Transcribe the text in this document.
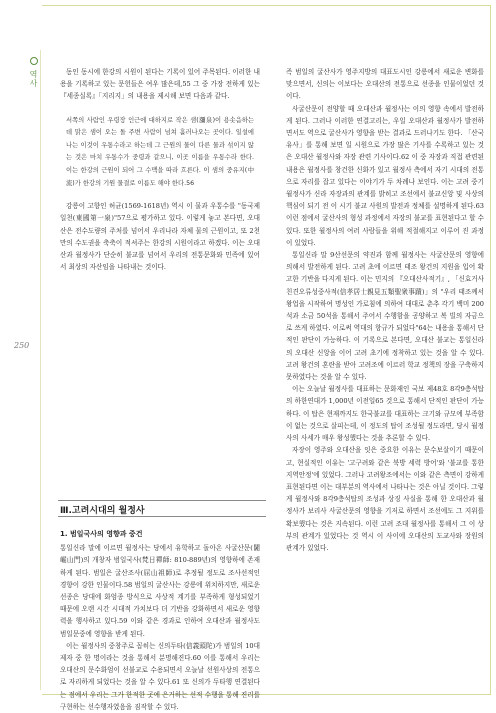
역사
250

동인 동시에 한강의 시원이 된다는 기록이 있어 주목된다. 이러한 내용을 기록하고 있는 문헌들은 여우 많은데,55 그 중 가장 전하게 있는 『세종실록』「지리지」의 내용을 제시해 보면 다음과 같다.

서쪽의 사람인 우령장 인근에 대하지로 작은 샘(瀰泉)이 용솟음하는데 맑은 샘이 오는 돌 주변 사람이 넘쳐 흘러나오는 곳이다. 일설에 나는 이것이 우통수라고 하는데 그 근원의 물이 다른 물과 섞이지 않는 것은 마치 우통수가 중령과 같으니, 이곳 이름을 우통수라 한다. 이는 한강의 근원이 되어 그 수맥을 따라 흐른다. 이 샘의 중유지(中流)가 한강의 기원 물결로 이름도 해야 한다.56

강릉이 고향인 허균(1569-1618년) 역시 이 물과 우통수를 "동국제일천(東國第一泉)"57으로 평가하고 있다. 이렇게 놓고 본다면, 오대산은 전수도량의 주처를 넘어서 우리나라 자체 물의 근원이고, 또 2천만의 수도권을 축축이 적셔주는 한강의 시원이라고 하겠다. 이는 오대산과 월정사가 단순히 불교를 넘어서 우리의 전통문화와 민족에 있어서 최상의 자산임을 나타내는 것이다.

Ⅲ.고려시대의 월정사
1. 범일국사의 영향과 중건

통일신라 말에 이르면 월정사는 당에서 유학하고 돌아온 사굴산문(闍崛山門)의 개창자 범일국사(梵日禪師: 810-889년)의 영향하에 존재하게 된다. 범일은 굴산조사(屈山祖師)로 추정될 정도로 조사선적인 경향이 강한 인물이다.58 범일의 굴산사는 강릉에 위치하지만, 새로운 선종은 당대에 화엄종 방식으로 사상적 계기를 부족하게 형성되었기 때문에 오랜 시간 시대적 가치보다 더 기반을 강화하면서 새로운 영향력을 행사하고 있다.59 이와 같은 경과로 인하여 오대산과 월정사도 범일문중에 영향을 받게 된다.

이는 월정사의 중창주로 꼽히는 신의두타(信義頭陀)가 범일의 10대제자 중 한 명이라는 것을 통해서 분명해진다.60 이를 통해서 우리는 오대산의 문수화엄이 선불교로 수용되면서 오늘날 선원사상의 전통으로 자리하게 되었다는 것을 알 수 있다.61 또 신의가 두타행 연결된다는 점에서 우리는 그가 한적한 곳에 은거하는 선적 수행을 통해 진리를 구현하는 선수행자였음을 짐작할 수 있다.

즉 범일의 굴산사가 영주지방의 대표도시인 강릉에서 새로운 변화를 맞으면서, 신의는 이보다는 오대산의 전통으로 선종을 인물이었던 것이다.

사굴산문이 전양할 때 오대산과 월정사는 이의 영향 속에서 발전하게 된다. 그러나 이러한 연결고리는, 우일 오대산과 월정사가 발전하면서도 역으로 굴산사가 영향을 받는 결과로 드러나기도 한다. 「산국유사」를 통해 보면 일 시원으로 가장 많은 기사를 수록하고 있는 것은 오대산 월정사와 자장 관련 기사이다.62 이 중 자장과 직접 관련된 내용은 월정사를 창건한 신화가 있고 월정사 측에서 자기 시대의 전통으로 자리를 잡고 있다는 이야기가 두 차례나 보인다. 이는 고려 중기 월정사가 신라 자장과의 관계를 밝히고 조선에서 불교신앙 및 사상의 핵심이 되기 전 이 시기 불교 사원의 발전과 정체를 설명하게 된다.63 이런 점에서 굴산사의 형성 과정에서 자장의 불교를 표현된다고 할 수 있다. 또한 월정사의 여러 사람들을 위해 적절해지고 이루어 진 과정이 있었다.

통일신라 말 9산선문의 약진과 함께 월정사는 사굴산문의 영향에 의해서 발전하게 된다. 고려 초에 이르면 태조 왕건의 지원을 입어 확고한 기반을 다지게 된다. 이는 민지의 『오대산사적기』, 「신효거사친견오류성중사적(信孝居士親見五類聖衆事蹟)」의 "우리 태조께서 왕업을 시작하여 명성인 가로침에 의하여 대대로 춘추 각기 백미 200석과 소금 50석을 통해서 주어서 수행함을 공양하고 복 빌의 자금으로 쓰게 하였다. 이로써 역대의 항규가 되었다"64는 내용을 통해서 단적인 판단이 가능하다. 이 기록으로 본다면, 오대산 불교는 통일신라의 오대산 신앙을 이어 고려 초기에 정착하고 있는 것을 알 수 있다. 고려 왕건의 혼란을 받아 고려조에 이르러 학교 정책의 장을 구축하지 못하였다는 것을 알 수 있다.

이는 오늘날 월정사를 대표하는 문화재인 국보 제48호 8각9층석탑의 하한연대가 1,000년 이전일65 것으로 통해서 단적인 판단이 가능하다. 이 탑은 현재까지도 한국불교를 대표하는 크기와 규모에 부족함이 없는 것으로 살피는데, 이 정도의 탑이 조성될 정도라면, 당시 월정사의 사세가 매우 왕성했다는 것을 추론할 수 있다.

자장이 영주와 오대산을 잇은 중요한 이유는 문수보살이기 때문이고, 현실적인 이유는 '고구려와 같은 북방 세력 방어'와 '불교를 통한 지역안정'에 있었다. 그러나 고려왕조에서는 이와 같은 측면이 강하게 표현된다면 이는 대부분의 역사에서 나타나는 것은 아닐 것이다. 그렇게 월정사와 8각9층석탑의 조성과 상징 사실을 통해 한 오대산과 월정사가 보리사 사굴산문의 영향을 기저로 하면서 조선에도 그 지위를 확보했다는 것은 지속된다. 이런 고려 조대 월정사를 통해서 그 이 상부의 관계가 있었다는 것 역시 이 사이에 오대산의 도교사와 장원의 관계가 있었다.
